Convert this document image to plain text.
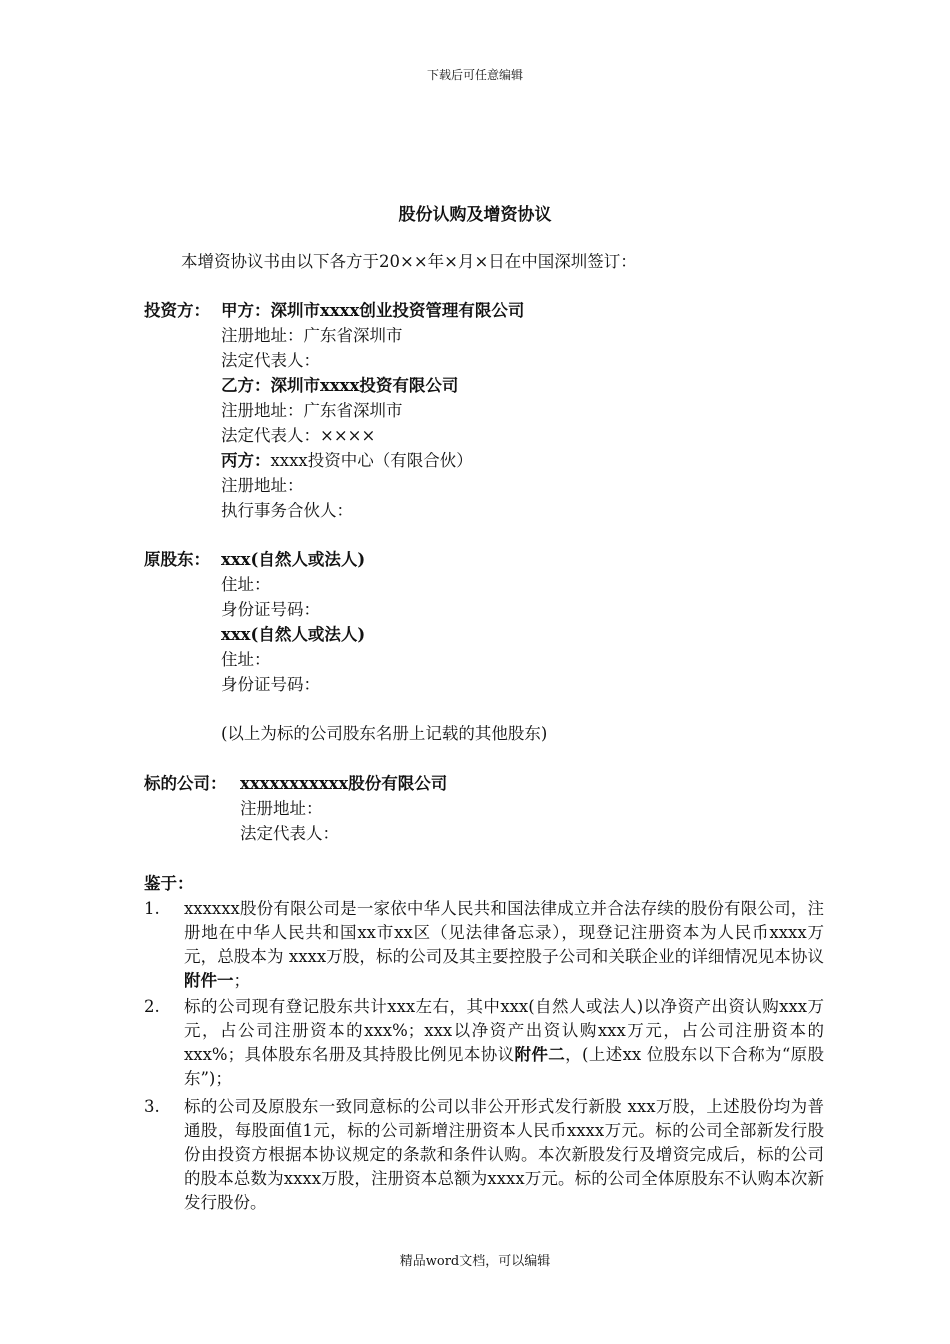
下载后可任意编辑
股份认购及增资协议
本增资协议书由以下各方于20××年×月×日在中国深圳签订：
投资方： 甲方：深圳市xxxx创业投资管理有限公司
注册地址：广东省深圳市
法定代表人：
乙方：深圳市xxxx投资有限公司
注册地址：广东省深圳市
法定代表人：××××
丙方：xxxx投资中心（有限合伙）
注册地址：
执行事务合伙人：
原股东： xxx(自然人或法人)
住址：
身份证号码：
xxx(自然人或法人)
住址：
身份证号码：
(以上为标的公司股东名册上记载的其他股东)
标的公司： xxxxxxxxxxx股份有限公司
注册地址：
法定代表人：
鉴于：
1. xxxxxx股份有限公司是一家依中华人民共和国法律成立并合法存续的股份有限公司，注册地在中华人民共和国xx市xx区（见法律备忘录），现登记注册资本为人民币xxxx万元，总股本为 xxxx万股，标的公司及其主要控股子公司和关联企业的详细情况见本协议附件一；
2. 标的公司现有登记股东共计xxx左右，其中xxx(自然人或法人)以净资产出资认购xxx万元，占公司注册资本的xxx%；xxx以净资产出资认购xxx万元，占公司注册资本的xxx%；具体股东名册及其持股比例见本协议附件二，(上述xx 位股东以下合称为“原股东”)；
3. 标的公司及原股东一致同意标的公司以非公开形式发行新股 xxx万股，上述股份均为普通股，每股面值1元，标的公司新增注册资本人民币xxxx万元。标的公司全部新发行股份由投资方根据本协议规定的条款和条件认购。本次新股发行及增资完成后，标的公司的股本总数为xxxx万股，注册资本总额为xxxx万元。标的公司全体原股东不认购本次新发行股份。
精品word文档，可以编辑
